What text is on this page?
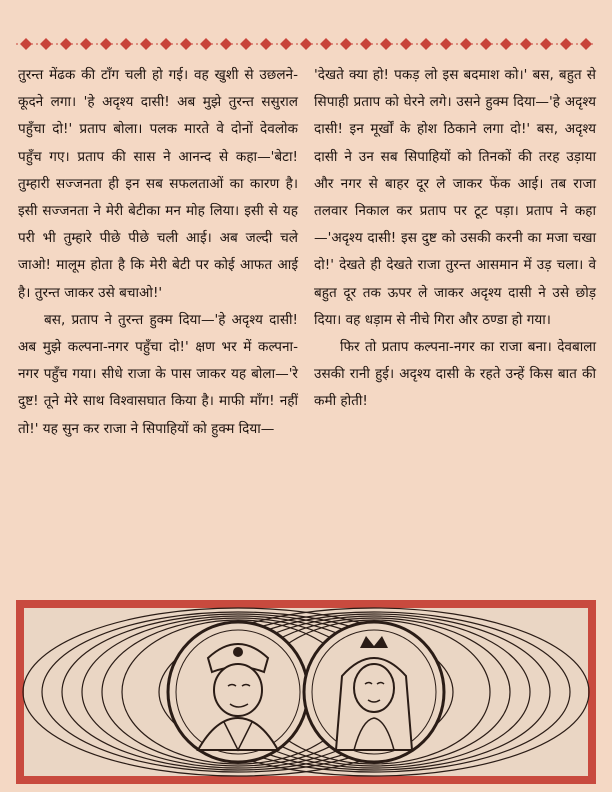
तुरन्त मेंढक की टाँग चली हो गई। वह खुशी से उछलने-कूदने लगा। 'हे अदृश्य दासी! अब मुझे तुरन्त ससुराल पहुँचा दो!' प्रताप बोला। पलक मारते वे दोनों देवलोक पहुँच गए। प्रताप की सास ने आनन्द से कहा—'बेटा! तुम्हारी सज्जनता ही इन सब सफलताओं का कारण है। इसी सज्जनता ने मेरी बेटीका मन मोह लिया। इसी से यह परी भी तुम्हारे पीछे पीछे चली आई। अब जल्दी चले जाओ! मालूम होता है कि मेरी बेटी पर कोई आफत आई है। तुरन्त जाकर उसे बचाओ!'

बस, प्रताप ने तुरन्त हुक्म दिया—'हे अदृश्य दासी! अब मुझे कल्पना-नगर पहुँचा दो!' क्षण भर में कल्पना-नगर पहुँच गया। सीधे राजा के पास जाकर यह बोला—'रे दुष्ट! तूने मेरे साथ विश्वासघात किया है। माफी माँग! नहीं तो!' यह सुन कर राजा ने सिपाहियों को हुक्म दिया—

'देखते क्या हो! पकड़ लो इस बदमाश को।' बस, बहुत से सिपाही प्रताप को घेरने लगे। उसने हुक्म दिया—'हे अदृश्य दासी! इन मूर्खों के होश ठिकाने लगा दो!' बस, अदृश्य दासी ने उन सब सिपाहियों को तिनकों की तरह उड़ाया और नगर से बाहर दूर ले जाकर फेंक आई। तब राजा तलवार निकाल कर प्रताप पर टूट पड़ा। प्रताप ने कहा—'अदृश्य दासी! इस दुष्ट को उसकी करनी का मजा चखा दो!' देखते ही देखते राजा तुरन्त आसमान में उड़ चला। वे बहुत दूर तक ऊपर ले जाकर अदृश्य दासी ने उसे छोड़ दिया। वह धड़ाम से नीचे गिरा और ठण्डा हो गया।

फिर तो प्रताप कल्पना-नगर का राजा बना। देवबाला उसकी रानी हुई। अदृश्य दासी के रहते उन्हें किस बात की कमी होती!
